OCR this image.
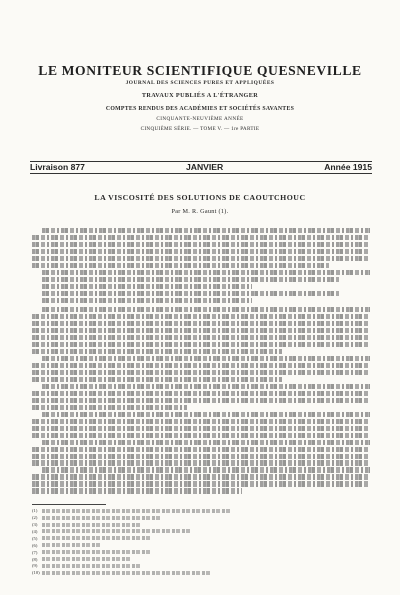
LE MONITEUR SCIENTIFIQUE QUESNEVILLE
JOURNAL DES SCIENCES PURES ET APPLIQUÉES
TRAVAUX PUBLIÉS A L'ÉTRANGER
COMPTES RENDUS DES ACADÉMIES ET SOCIÉTÉS SAVANTES
CINQUANTE-NEUVIÈME ANNÉE
CINQUIÈME SÉRIE. — TOME V. — 1re PARTIE
Livraison 877	JANVIER	Année 1915
LA VISCOSITÉ DES SOLUTIONS DE CAOUTCHOUC
Par M. R. Gaunt (1).
(1)
(2)
(3)
(4)
(5)
(6)
(7)
(8)
(9)
(10)
